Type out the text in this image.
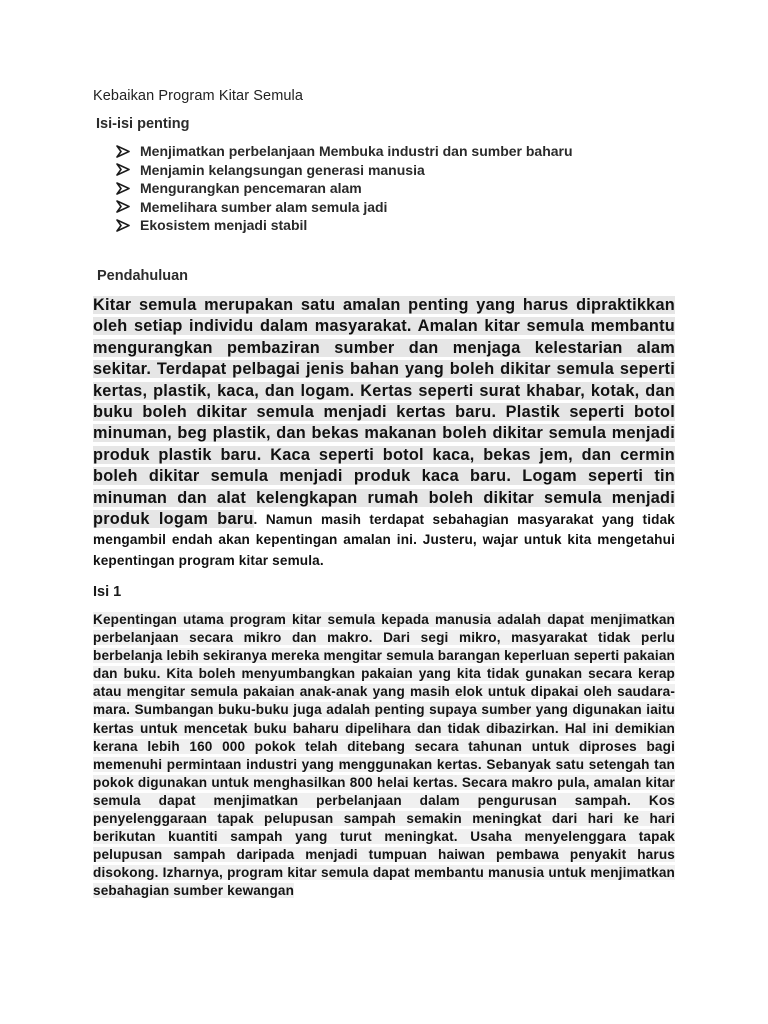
Kebaikan Program Kitar Semula
Isi-isi penting
Menjimatkan perbelanjaan Membuka industri dan sumber baharu
Menjamin kelangsungan generasi manusia
Mengurangkan pencemaran alam
Memelihara sumber alam semula jadi
Ekosistem menjadi stabil
Pendahuluan
Kitar semula merupakan satu amalan penting yang harus dipraktikkan oleh setiap individu dalam masyarakat. Amalan kitar semula membantu mengurangkan pembaziran sumber dan menjaga kelestarian alam sekitar. Terdapat pelbagai jenis bahan yang boleh dikitar semula seperti kertas, plastik, kaca, dan logam. Kertas seperti surat khabar, kotak, dan buku boleh dikitar semula menjadi kertas baru. Plastik seperti botol minuman, beg plastik, dan bekas makanan boleh dikitar semula menjadi produk plastik baru. Kaca seperti botol kaca, bekas jem, dan cermin boleh dikitar semula menjadi produk kaca baru. Logam seperti tin minuman dan alat kelengkapan rumah boleh dikitar semula menjadi produk logam baru. Namun masih terdapat sebahagian masyarakat yang tidak mengambil endah akan kepentingan amalan ini. Justeru, wajar untuk kita mengetahui kepentingan program kitar semula.
Isi 1
Kepentingan utama program kitar semula kepada manusia adalah dapat menjimatkan perbelanjaan secara mikro dan makro. Dari segi mikro, masyarakat tidak perlu berbelanja lebih sekiranya mereka mengitar semula barangan keperluan seperti pakaian dan buku. Kita boleh menyumbangkan pakaian yang kita tidak gunakan secara kerap atau mengitar semula pakaian anak-anak yang masih elok untuk dipakai oleh saudara-mara. Sumbangan buku-buku juga adalah penting supaya sumber yang digunakan iaitu kertas untuk mencetak buku baharu dipelihara dan tidak dibazirkan. Hal ini demikian kerana lebih 160 000 pokok telah ditebang secara tahunan untuk diproses bagi memenuhi permintaan industri yang menggunakan kertas. Sebanyak satu setengah tan pokok digunakan untuk menghasilkan 800 helai kertas. Secara makro pula, amalan kitar semula dapat menjimatkan perbelanjaan dalam pengurusan sampah. Kos penyelenggaraan tapak pelupusan sampah semakin meningkat dari hari ke hari berikutan kuantiti sampah yang turut meningkat. Usaha menyelenggara tapak pelupusan sampah daripada menjadi tumpuan haiwan pembawa penyakit harus disokong. Izharnya, program kitar semula dapat membantu manusia untuk menjimatkan sebahagian sumber kewangan
